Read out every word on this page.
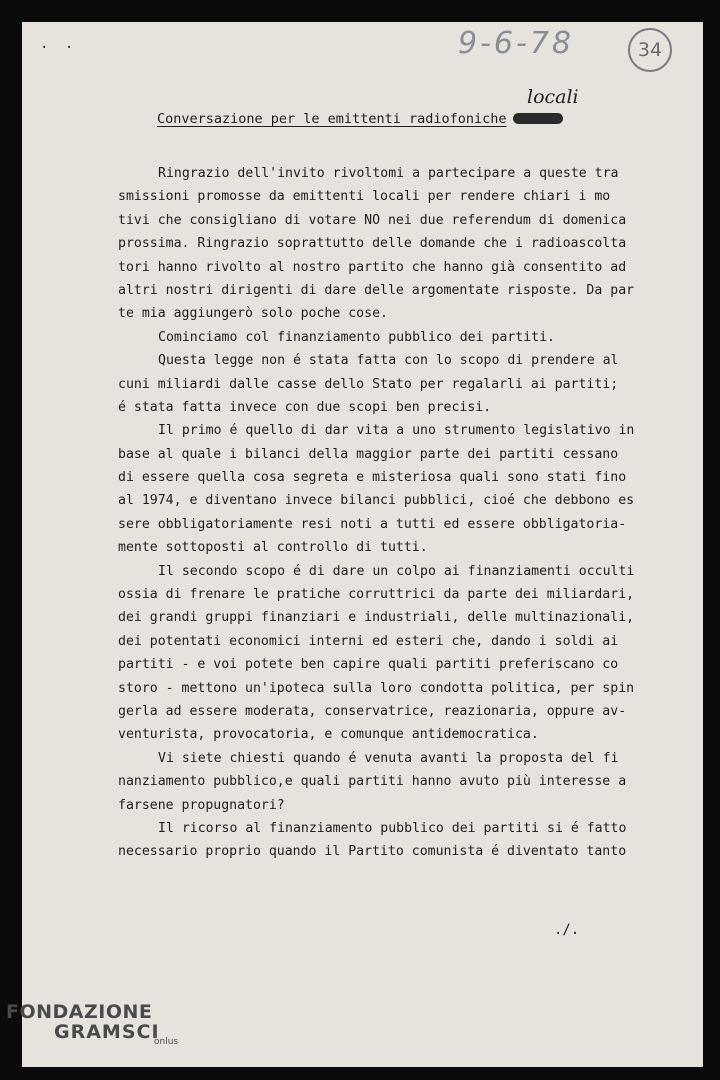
· ·	9-6-78	34
locali
Conversazione per le emittenti radiofoniche
Ringrazio dell'invito rivoltomi a partecipare a queste tra
smissioni promosse da emittenti locali per rendere chiari i mo
tivi che consigliano di votare NO nei due referendum di domenica
prossima. Ringrazio soprattutto delle domande che i radioascolta
tori hanno rivolto al nostro partito che hanno già consentito ad
altri nostri dirigenti di dare delle argomentate risposte. Da par
te mia aggiungerò solo poche cose.
Cominciamo col finanziamento pubblico dei partiti.
Questa legge non é stata fatta con lo scopo di prendere al
cuni miliardi dalle casse dello Stato per regalarli ai partiti;
é stata fatta invece con due scopi ben precisi.
Il primo é quello di dar vita a uno strumento legislativo in
base al quale i bilanci della maggior parte dei partiti cessano
di essere quella cosa segreta e misteriosa quali sono stati fino
al 1974, e diventano invece bilanci pubblici, cioé che debbono es
sere obbligatoriamente resi noti a tutti ed essere obbligatoria-
mente sottoposti al controllo di tutti.
Il secondo scopo é di dare un colpo ai finanziamenti occulti
ossia di frenare le pratiche corruttrici da parte dei miliardari,
dei grandi gruppi finanziari e industriali, delle multinazionali,
dei potentati economici interni ed esteri che, dando i soldi ai
partiti - e voi potete ben capire quali partiti preferiscano co
storo - mettono un'ipoteca sulla loro condotta politica, per spin
gerla ad essere moderata, conservatrice, reazionaria, oppure av-
venturista, provocatoria, e comunque antidemocratica.
Vi siete chiesti quando é venuta avanti la proposta del fi
nanziamento pubblico,e quali partiti hanno avuto più interesse a
farsene propugnatori?
Il ricorso al finanziamento pubblico dei partiti si é fatto
necessario proprio quando il Partito comunista é diventato tanto
./.
FONDAZIONE
GRAMSCI
onlus
